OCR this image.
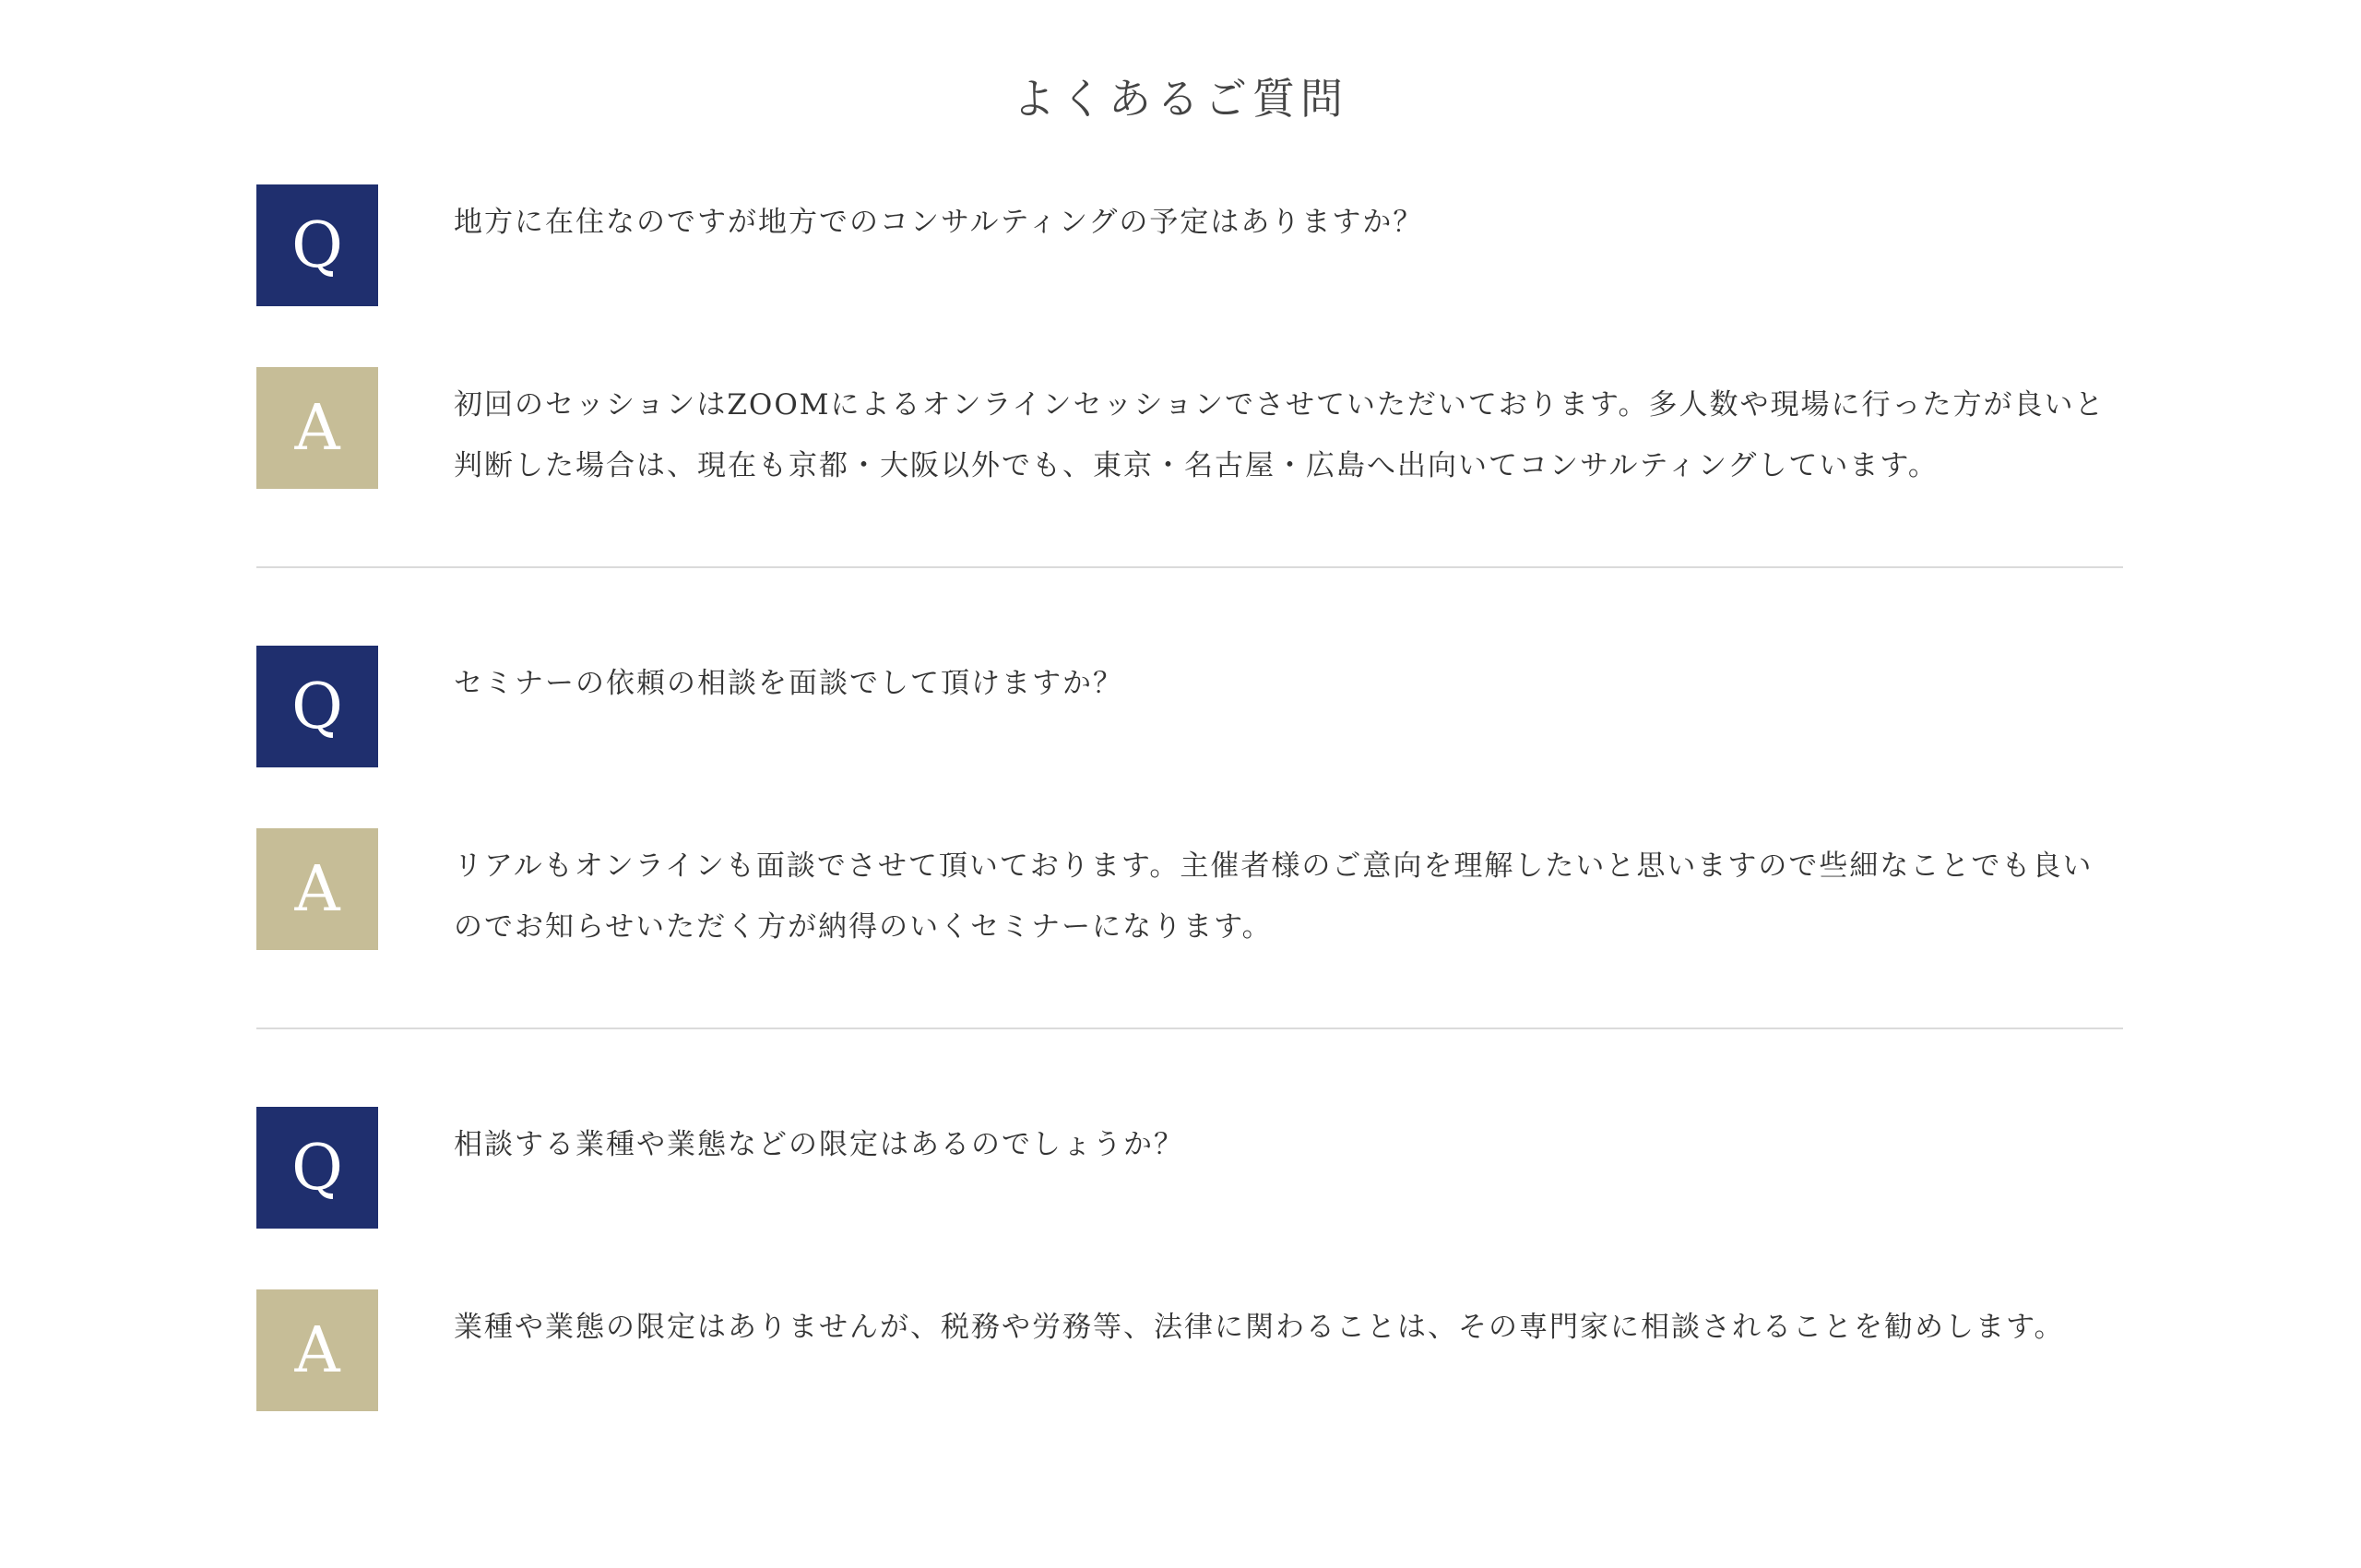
よくあるご質問
Q	地方に在住なのですが地方でのコンサルティングの予定はありますか？

A	初回のセッションはZOOMによるオンラインセッションでさせていただいております。多人数や現場に行った方が良いと判断した場合は、現在も京都・大阪以外でも、東京・名古屋・広島へ出向いてコンサルティングしています。

Q	セミナーの依頼の相談を面談でして頂けますか？

A	リアルもオンラインも面談でさせて頂いております。主催者様のご意向を理解したいと思いますので些細なことでも良いのでお知らせいただく方が納得のいくセミナーになります。

Q	相談する業種や業態などの限定はあるのでしょうか？

A	業種や業態の限定はありませんが、税務や労務等、法律に関わることは、その専門家に相談されることを勧めします。
